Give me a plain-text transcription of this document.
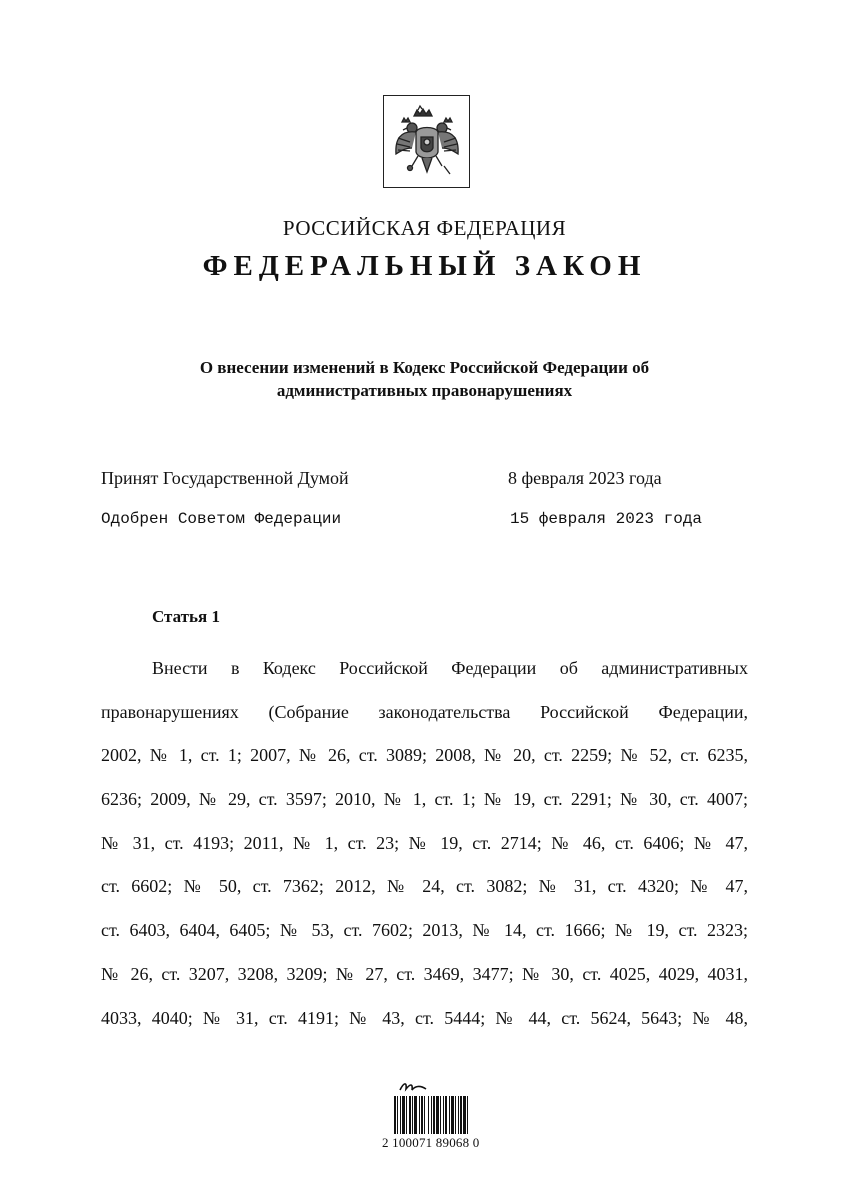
РОССИЙСКАЯ ФЕДЕРАЦИЯ
ФЕДЕРАЛЬНЫЙ ЗАКОН
О внесении изменений в Кодекс Российской Федерации об
административных правонарушениях
Принят Государственной Думой	8 февраля 2023 года
Одобрен Советом Федерации	15 февраля 2023 года
Статья 1
Внести в Кодекс Российской Федерации об административных
правонарушениях (Собрание законодательства Российской Федерации,
2002, № 1, ст. 1; 2007, № 26, ст. 3089; 2008, № 20, ст. 2259; № 52, ст. 6235,
6236; 2009, № 29, ст. 3597; 2010, № 1, ст. 1; № 19, ст. 2291; № 30, ст. 4007;
№ 31, ст. 4193; 2011, № 1, ст. 23; № 19, ст. 2714; № 46, ст. 6406; № 47,
ст. 6602; № 50, ст. 7362; 2012, № 24, ст. 3082; № 31, ст. 4320; № 47,
ст. 6403, 6404, 6405; № 53, ст. 7602; 2013, № 14, ст. 1666; № 19, ст. 2323;
№ 26, ст. 3207, 3208, 3209; № 27, ст. 3469, 3477; № 30, ст. 4025, 4029, 4031,
4033, 4040; № 31, ст. 4191; № 43, ст. 5444; № 44, ст. 5624, 5643; № 48,
2 100071 89068 0
